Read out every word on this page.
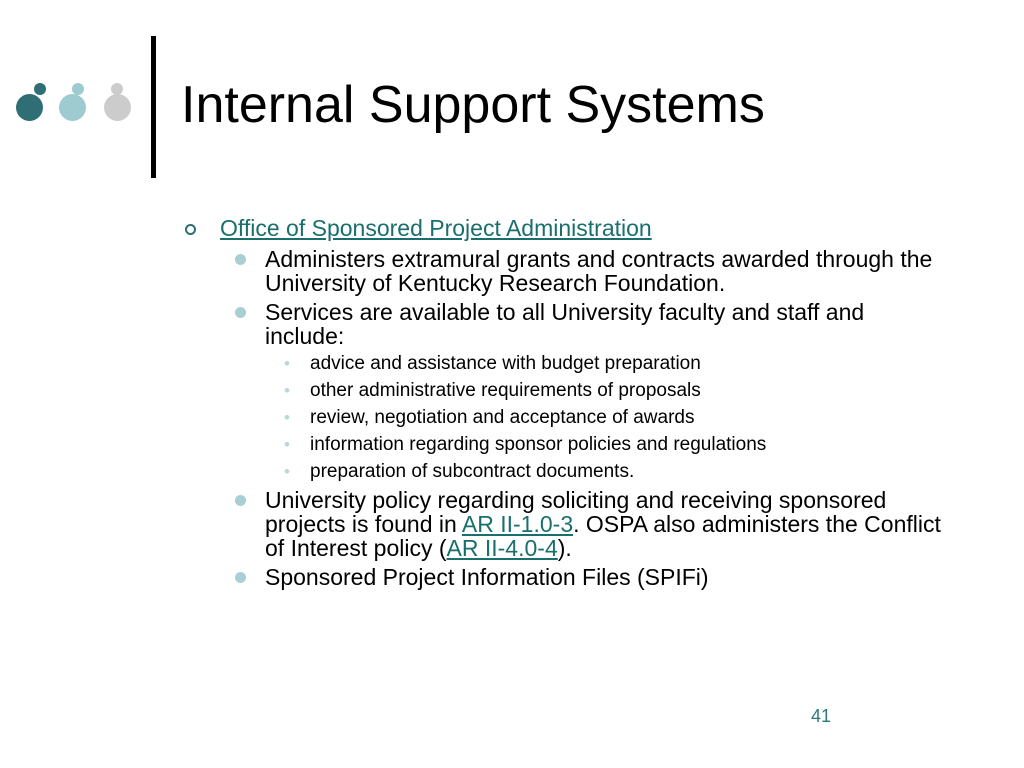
Internal Support Systems
Office of Sponsored Project Administration
Administers extramural grants and contracts awarded through the University of Kentucky Research Foundation.
Services are available to all University faculty and staff and include:
• advice and assistance with budget preparation
• other administrative requirements of proposals
• review, negotiation and acceptance of awards
• information regarding sponsor policies and regulations
• preparation of subcontract documents.
University policy regarding soliciting and receiving sponsored projects is found in AR II-1.0-3. OSPA also administers the Conflict of Interest policy (AR II-4.0-4).
Sponsored Project Information Files (SPIFi)
41
